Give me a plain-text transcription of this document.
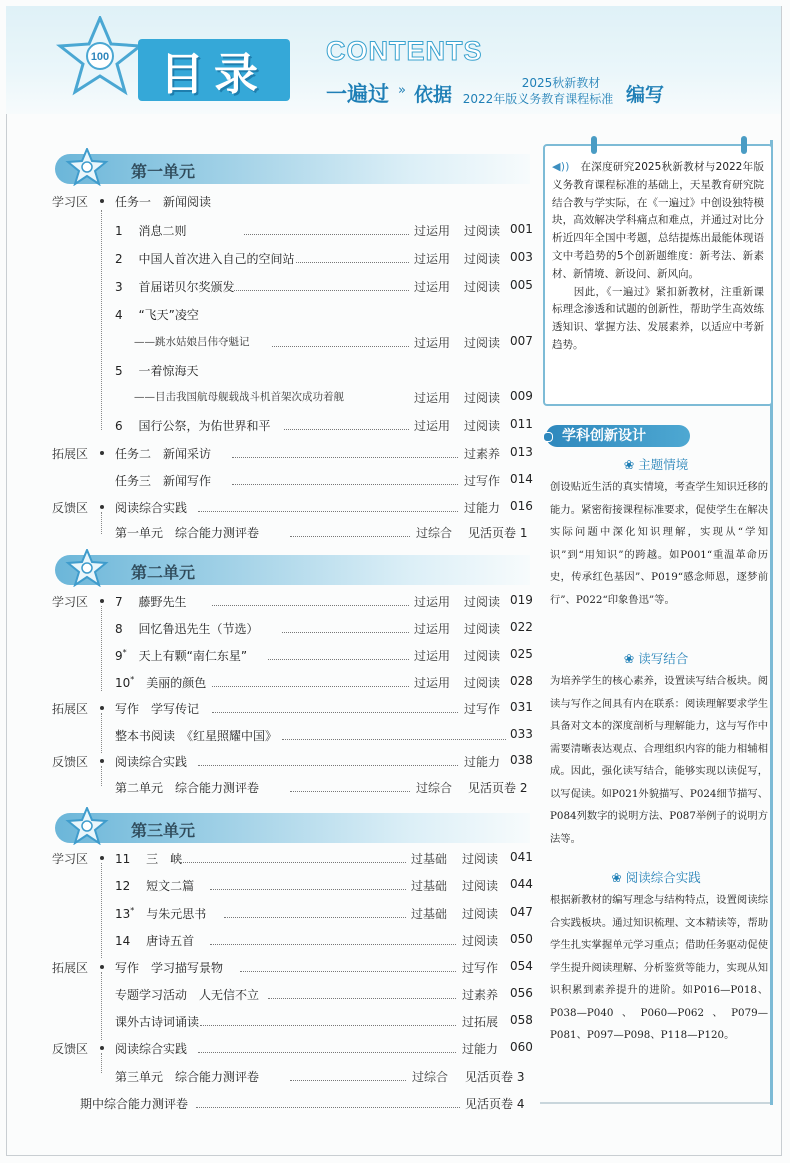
100	目录	CONTENTS
一遍过 » 依据
2025秋新教材
2022年版义务教育课程标准 编写
第一单元
学习区 任务一　新闻阅读
1　 消息二则	过运用 过阅读 001
2　 中国人首次进入自己的空间站	过运用 过阅读 003
3　 首届诺贝尔奖颁发	过运用 过阅读 005
4　 “飞天”凌空
——跳水姑娘吕伟夺魁记	过运用 过阅读 007
5　 一着惊海天
——目击我国航母舰载战斗机首架次成功着舰	过运用 过阅读 009
6　 国行公祭，为佑世界和平	过运用 过阅读 011
拓展区 任务二　新闻采访	过素养 013
任务三　新闻写作	过写作 014
反馈区 阅读综合实践	过能力 016
第一单元　综合能力测评卷	过综合 见活页卷 1
第二单元
学习区 7　 藤野先生	过运用 过阅读 019
8　 回忆鲁迅先生（节选）	过运用 过阅读 022
9*　 天上有颗“南仁东星”	过运用 过阅读 025
10*　 美丽的颜色	过运用 过阅读 028
拓展区 写作　学写传记	过写作 031
整本书阅读　《红星照耀中国》	033
反馈区 阅读综合实践	过能力 038
第二单元　综合能力测评卷	过综合 见活页卷 2
第三单元
学习区 11　 三　峡	过基础 过阅读 041
12　 短文二篇	过基础 过阅读 044
13*　 与朱元思书	过基础 过阅读 047
14　 唐诗五首	过阅读 050
拓展区 写作　学习描写景物	过写作 054
专题学习活动　人无信不立	过素养 056
课外古诗词诵读	过拓展 058
反馈区 阅读综合实践	过能力 060
第三单元　综合能力测评卷	过综合 见活页卷 3
期中综合能力测评卷	见活页卷 4
◀))　 在深度研究2025秋新教材与2022年版义务教育课程标准的基础上，天星教育研究院结合教与学实际，在《一遍过》中创设独特模块，高效解决学科痛点和难点，并通过对比分析近四年全国中考题，总结提炼出最能体现语文中考趋势的5个创新题维度：新考法、新素材、新情境、新设问、新风向。
　　因此，《一遍过》紧扣新教材，注重新课标理念渗透和试题的创新性，帮助学生高效练透知识、掌握方法、发展素养，以适应中考新趋势。
学科创新设计
❀ 主题情境
创设贴近生活的真实情境，考查学生知识迁移的能力。紧密衔接课程标准要求，促使学生在解决实际问题中深化知识理解，实现从“学知识”到“用知识”的跨越。如P001“重温革命历史，传承红色基因”、P019“感念师恩，逐梦前行”、P022“印象鲁迅”等。
❀ 读写结合
为培养学生的核心素养，设置读写结合板块。阅读与写作之间具有内在联系：阅读理解要求学生具备对文本的深度剖析与理解能力，这与写作中需要清晰表达观点、合理组织内容的能力相辅相成。因此，强化读写结合，能够实现以读促写，以写促读。如P021外貌描写、P024细节描写、P084列数字的说明方法、P087举例子的说明方法等。
❀ 阅读综合实践
根据新教材的编写理念与结构特点，设置阅读综合实践板块。通过知识梳理、文本精读等，帮助学生扎实掌握单元学习重点；借助任务驱动促使学生提升阅读理解、分析鉴赏等能力，实现从知识积累到素养提升的进阶。如P016—P018、P038—P040、P060—P062、P079—P081、P097—P098、P118—P120。
